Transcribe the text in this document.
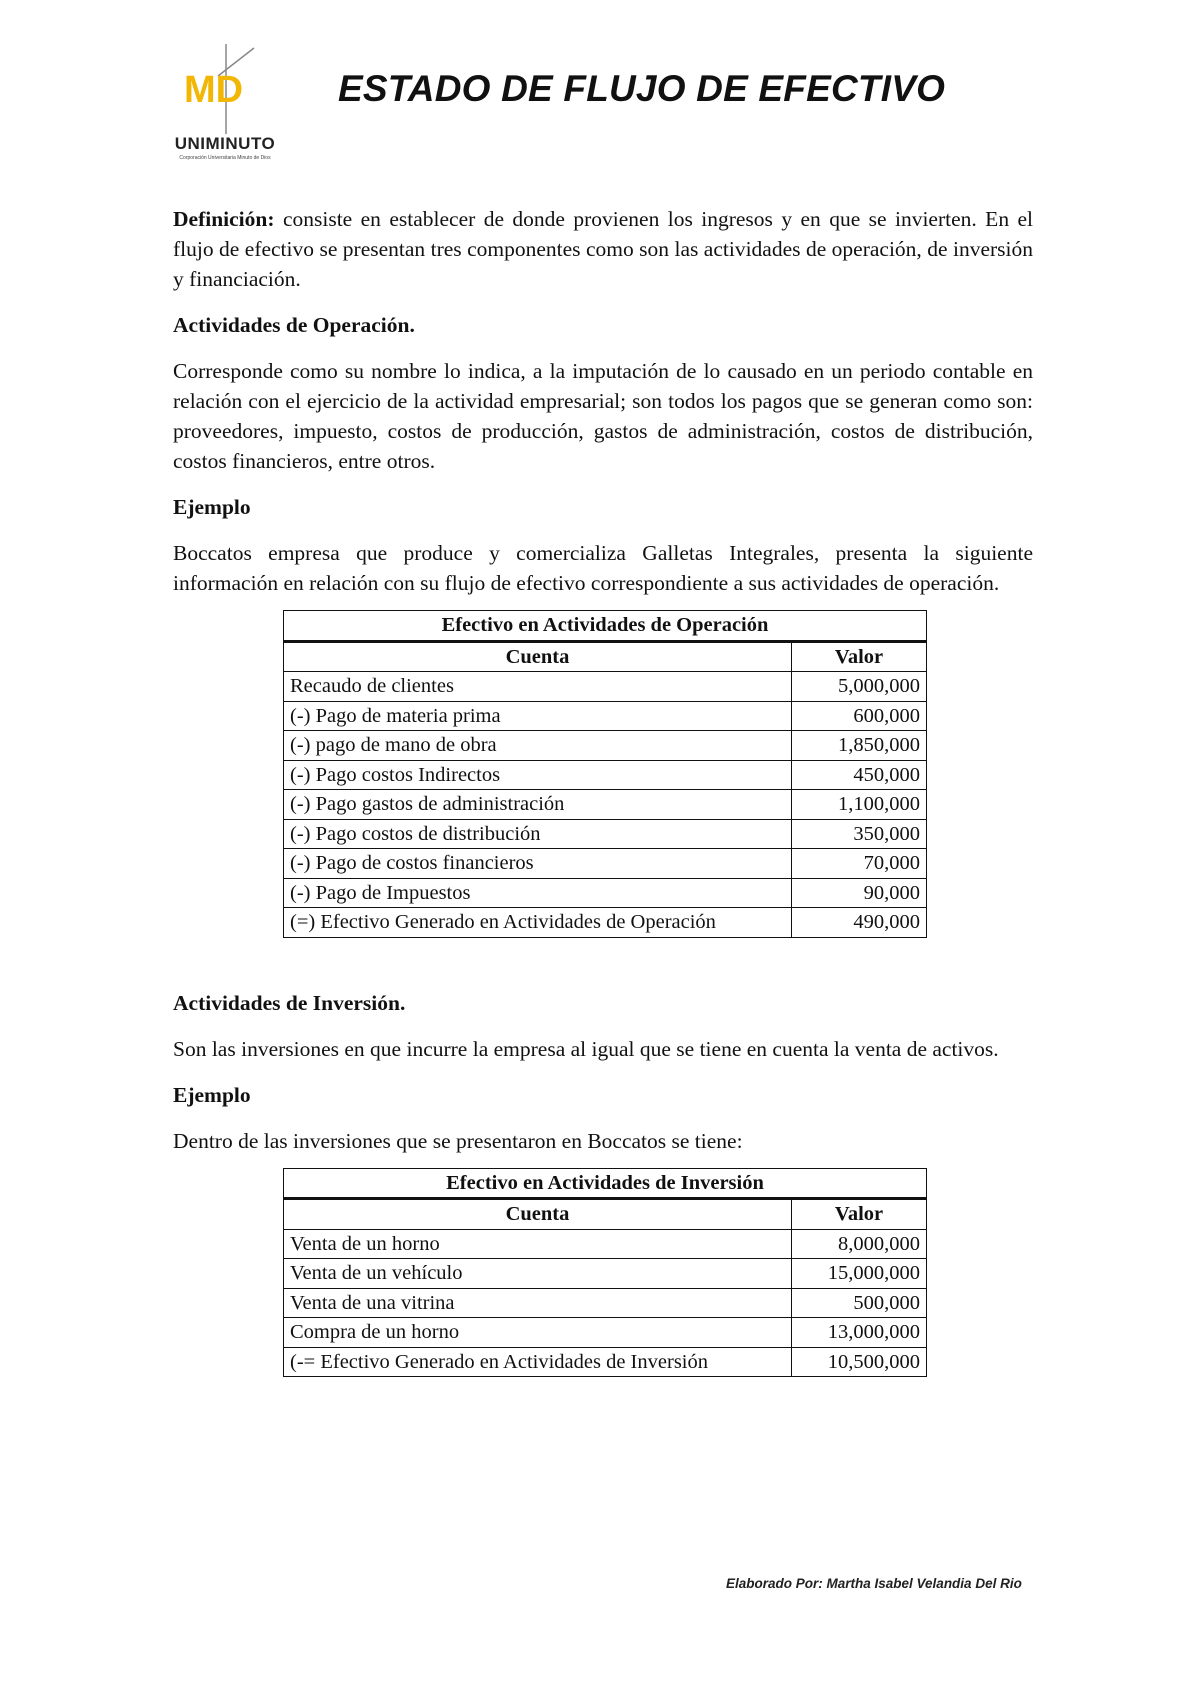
MD
UNIMINUTO
Corporación Universitaria Minuto de Dios
ESTADO DE FLUJO DE EFECTIVO

Definición: consiste en establecer de donde provienen los ingresos y en que se invierten. En el flujo de efectivo se presentan tres componentes como son las actividades de operación, de inversión y financiación.

Actividades de Operación.

Corresponde como su nombre lo indica, a la imputación de lo causado en un periodo contable en relación con el ejercicio de la actividad empresarial; son todos los pagos que se generan como son: proveedores, impuesto, costos de producción, gastos de administración, costos de distribución, costos financieros, entre otros.

Ejemplo

Boccatos empresa que produce y comercializa Galletas Integrales, presenta la siguiente información en relación con su flujo de efectivo correspondiente a sus actividades de operación.

Efectivo en Actividades de Operación	
Cuenta	Valor
Recaudo de clientes	5,000,000
(-) Pago de materia prima	600,000
(-) pago de mano de obra	1,850,000
(-) Pago costos Indirectos	450,000
(-) Pago gastos de administración	1,100,000
(-) Pago costos de distribución	350,000
(-) Pago de costos financieros	70,000
(-) Pago de Impuestos	90,000
(=) Efectivo Generado en Actividades de Operación	490,000

Actividades de Inversión.

Son las inversiones en que incurre la empresa al igual que se tiene en cuenta la venta de activos.

Ejemplo

Dentro de las inversiones que se presentaron en Boccatos se tiene:

Efectivo en Actividades de Inversión	
Cuenta	Valor
Venta de un horno	8,000,000
Venta de un vehículo	15,000,000
Venta de una vitrina	500,000
Compra de un horno	13,000,000
(-= Efectivo Generado en Actividades de Inversión	10,500,000
Elaborado Por: Martha Isabel Velandia Del Rio
